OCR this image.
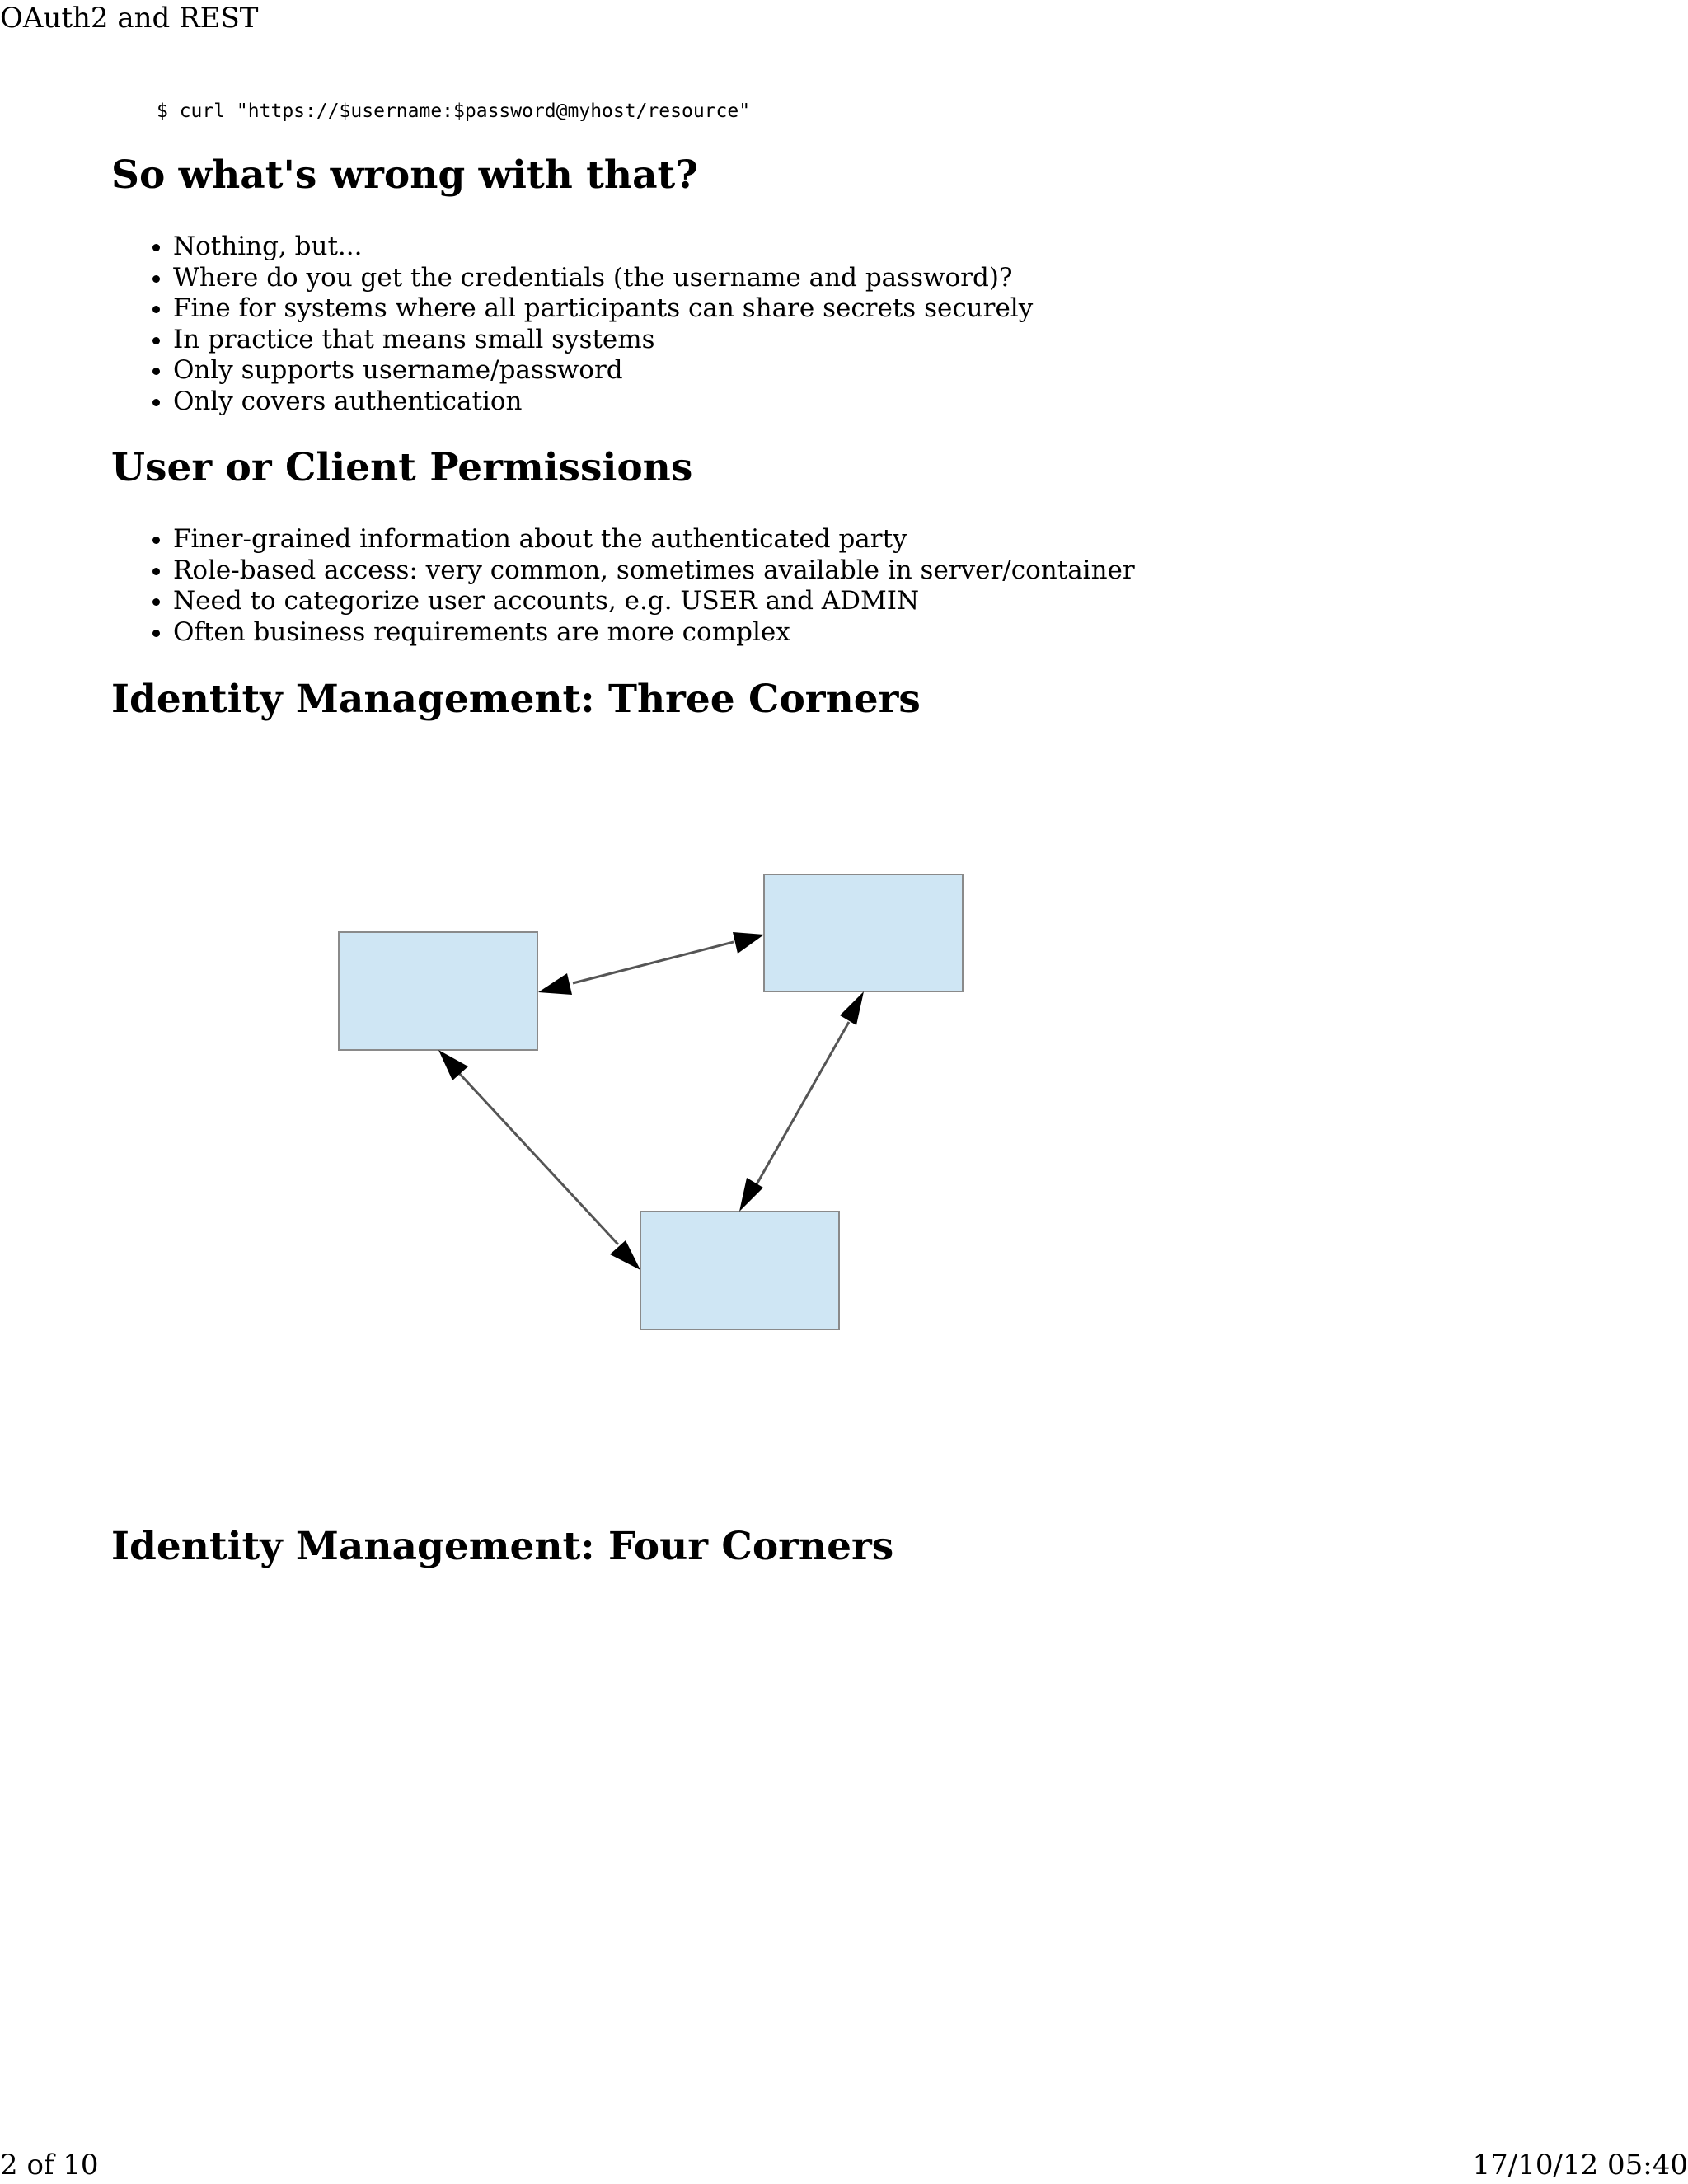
OAuth2 and REST
$ curl "https://$username:$password@myhost/resource"
So what's wrong with that?
• Nothing, but...
• Where do you get the credentials (the username and password)?
• Fine for systems where all participants can share secrets securely
• In practice that means small systems
• Only supports username/password
• Only covers authentication
User or Client Permissions
• Finer-grained information about the authenticated party
• Role-based access: very common, sometimes available in server/container
• Need to categorize user accounts, e.g. USER and ADMIN
• Often business requirements are more complex
Identity Management: Three Corners
Identity Management: Four Corners
2 of 10	17/10/12 05:40
